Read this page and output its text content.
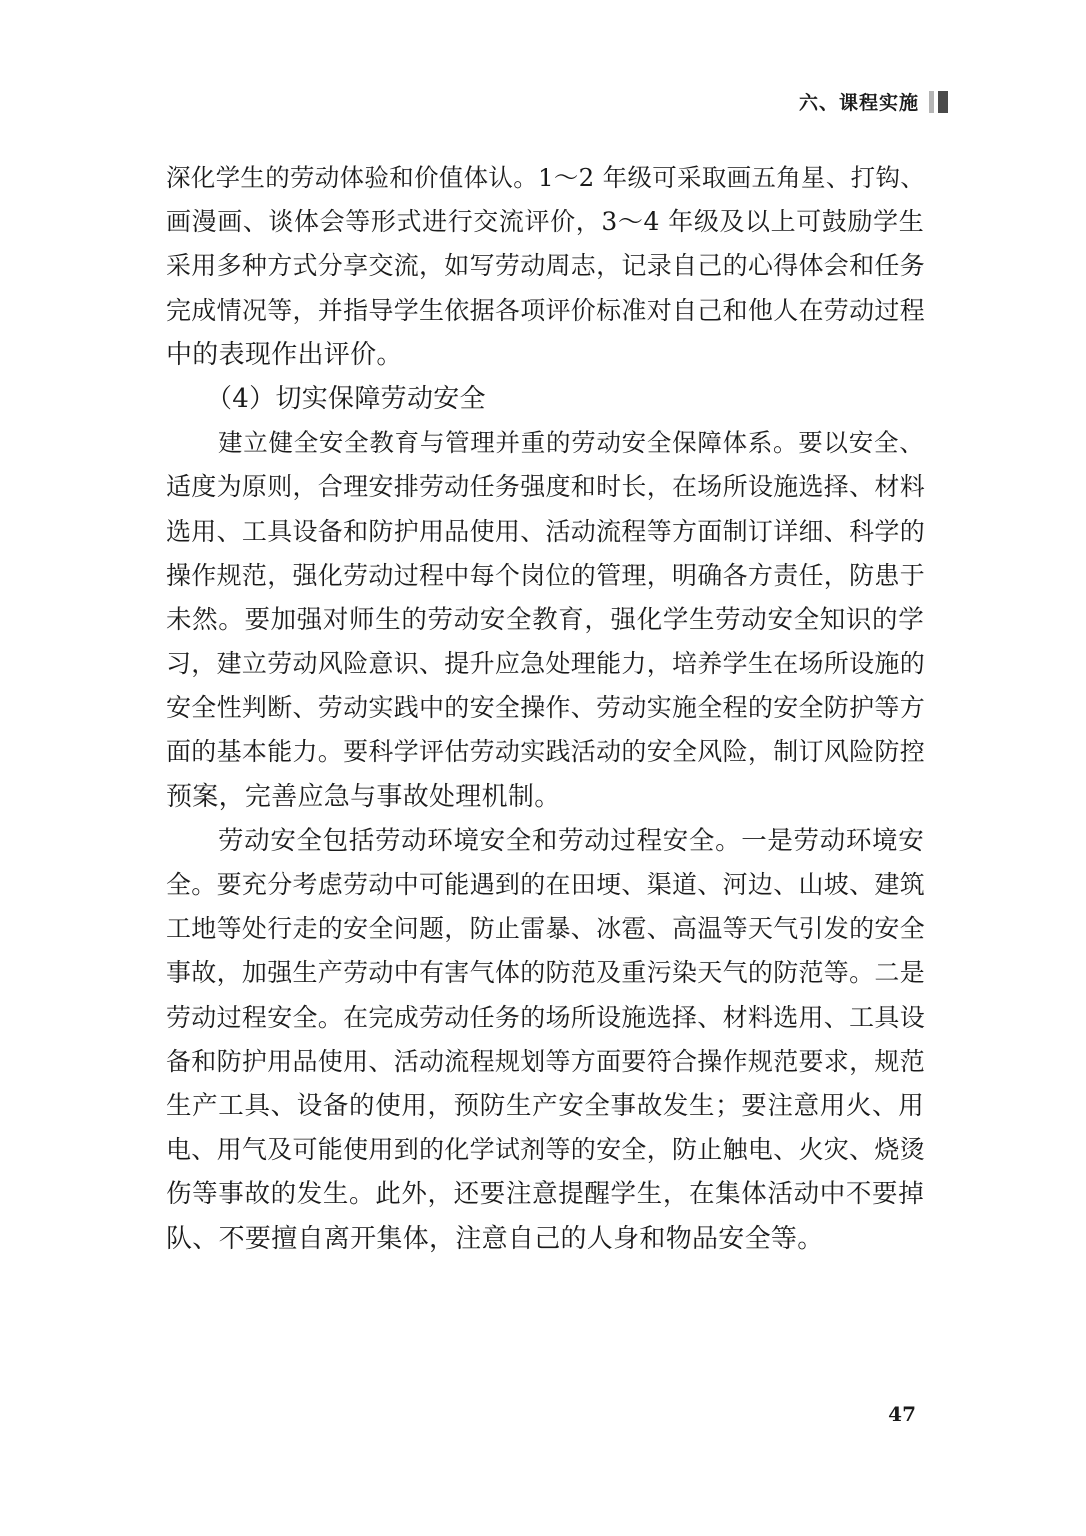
六、课程实施
深化学生的劳动体验和价值体认。1～2 年级可采取画五角星、打钩、
画漫画、谈体会等形式进行交流评价，3～4 年级及以上可鼓励学生
采用多种方式分享交流，如写劳动周志，记录自己的心得体会和任务
完成情况等，并指导学生依据各项评价标准对自己和他人在劳动过程
中的表现作出评价。
（4）切实保障劳动安全
建立健全安全教育与管理并重的劳动安全保障体系。要以安全、
适度为原则，合理安排劳动任务强度和时长，在场所设施选择、材料
选用、工具设备和防护用品使用、活动流程等方面制订详细、科学的
操作规范，强化劳动过程中每个岗位的管理，明确各方责任，防患于
未然。要加强对师生的劳动安全教育，强化学生劳动安全知识的学
习，建立劳动风险意识、提升应急处理能力，培养学生在场所设施的
安全性判断、劳动实践中的安全操作、劳动实施全程的安全防护等方
面的基本能力。要科学评估劳动实践活动的安全风险，制订风险防控
预案，完善应急与事故处理机制。
劳动安全包括劳动环境安全和劳动过程安全。一是劳动环境安
全。要充分考虑劳动中可能遇到的在田埂、渠道、河边、山坡、建筑
工地等处行走的安全问题，防止雷暴、冰雹、高温等天气引发的安全
事故，加强生产劳动中有害气体的防范及重污染天气的防范等。二是
劳动过程安全。在完成劳动任务的场所设施选择、材料选用、工具设
备和防护用品使用、活动流程规划等方面要符合操作规范要求，规范
生产工具、设备的使用，预防生产安全事故发生；要注意用火、用
电、用气及可能使用到的化学试剂等的安全，防止触电、火灾、烧烫
伤等事故的发生。此外，还要注意提醒学生，在集体活动中不要掉
队、不要擅自离开集体，注意自己的人身和物品安全等。
47
